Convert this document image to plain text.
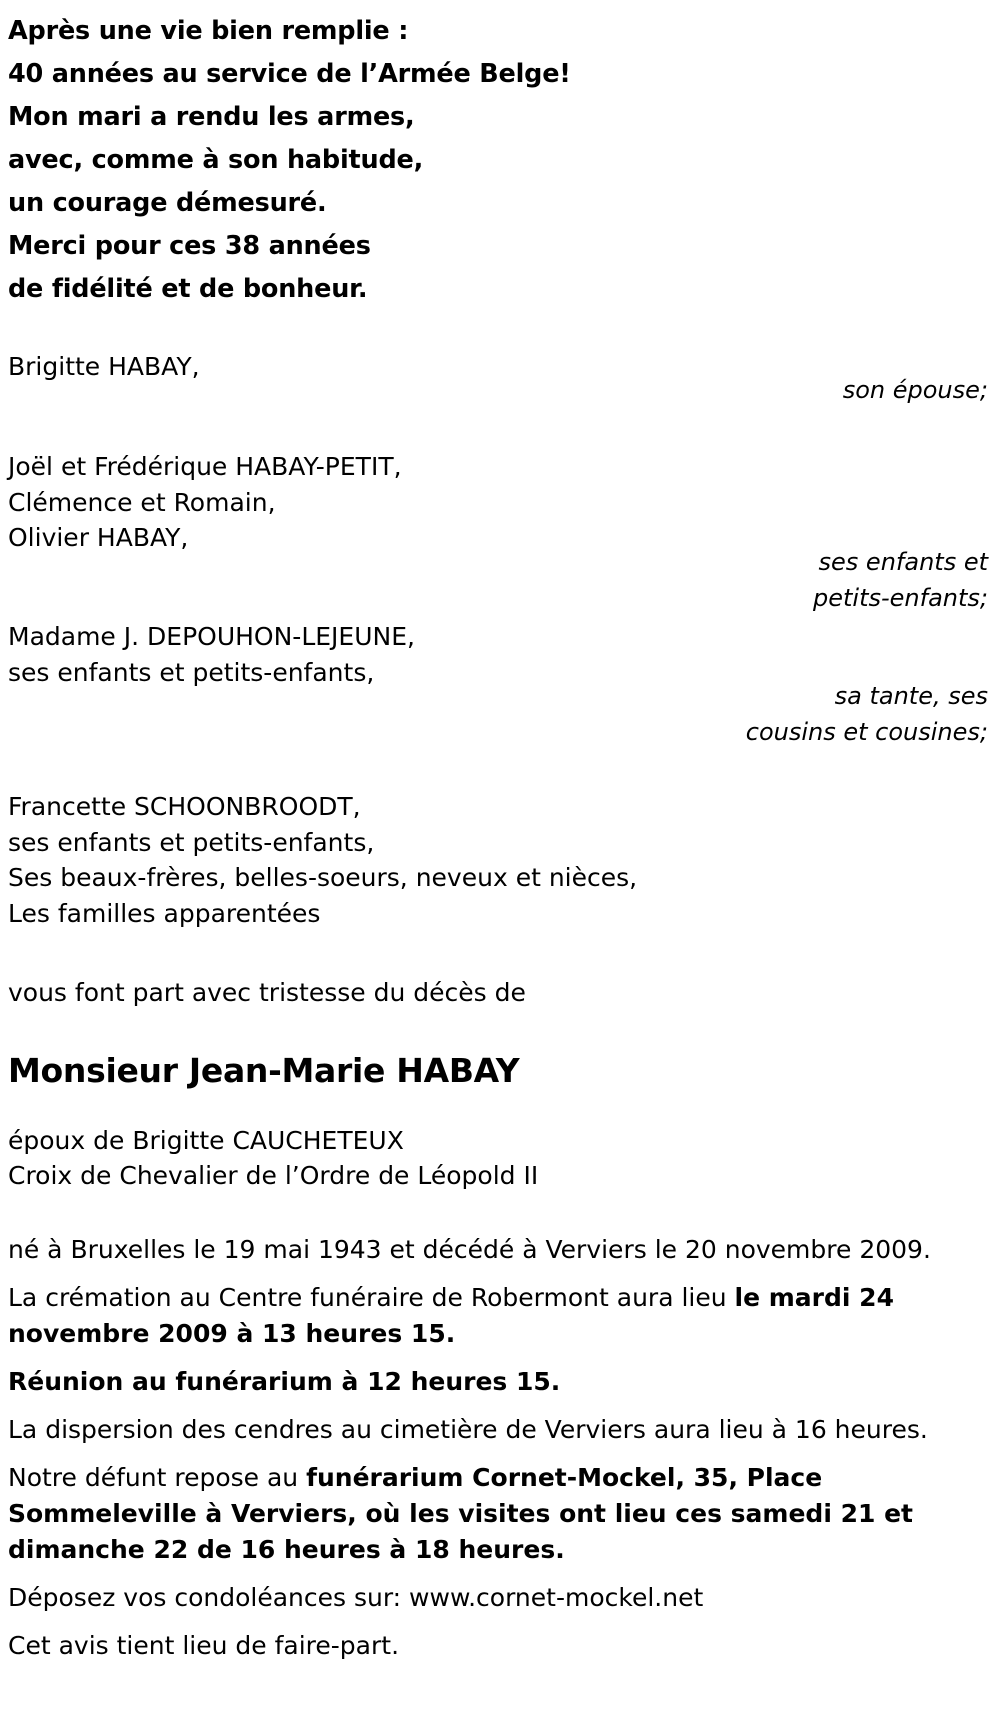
Après une vie bien remplie :
40 années au service de l’Armée Belge!
Mon mari a rendu les armes,
avec, comme à son habitude,
un courage démesuré.
Merci pour ces 38 années
de fidélité et de bonheur.
Brigitte HABAY,
son épouse;
Joël et Frédérique HABAY-PETIT,
Clémence et Romain,
Olivier HABAY,
ses enfants et
petits-enfants;
Madame J. DEPOUHON-LEJEUNE,
ses enfants et petits-enfants,
sa tante, ses
cousins et cousines;
Francette SCHOONBROODT,
ses enfants et petits-enfants,
Ses beaux-frères, belles-soeurs, neveux et nièces,
Les familles apparentées
vous font part avec tristesse du décès de
Monsieur Jean-Marie HABAY
époux de Brigitte CAUCHETEUX
Croix de Chevalier de l’Ordre de Léopold II
né à Bruxelles le 19 mai 1943 et décédé à Verviers le 20 novembre 2009.

La crémation au Centre funéraire de Robermont aura lieu le mardi 24 novembre 2009 à 13 heures 15.

Réunion au funérarium à 12 heures 15.

La dispersion des cendres au cimetière de Verviers aura lieu à 16 heures.

Notre défunt repose au funérarium Cornet-Mockel, 35, Place Sommeleville à Verviers, où les visites ont lieu ces samedi 21 et dimanche 22 de 16 heures à 18 heures.

Déposez vos condoléances sur: www.cornet-mockel.net

Cet avis tient lieu de faire-part.
